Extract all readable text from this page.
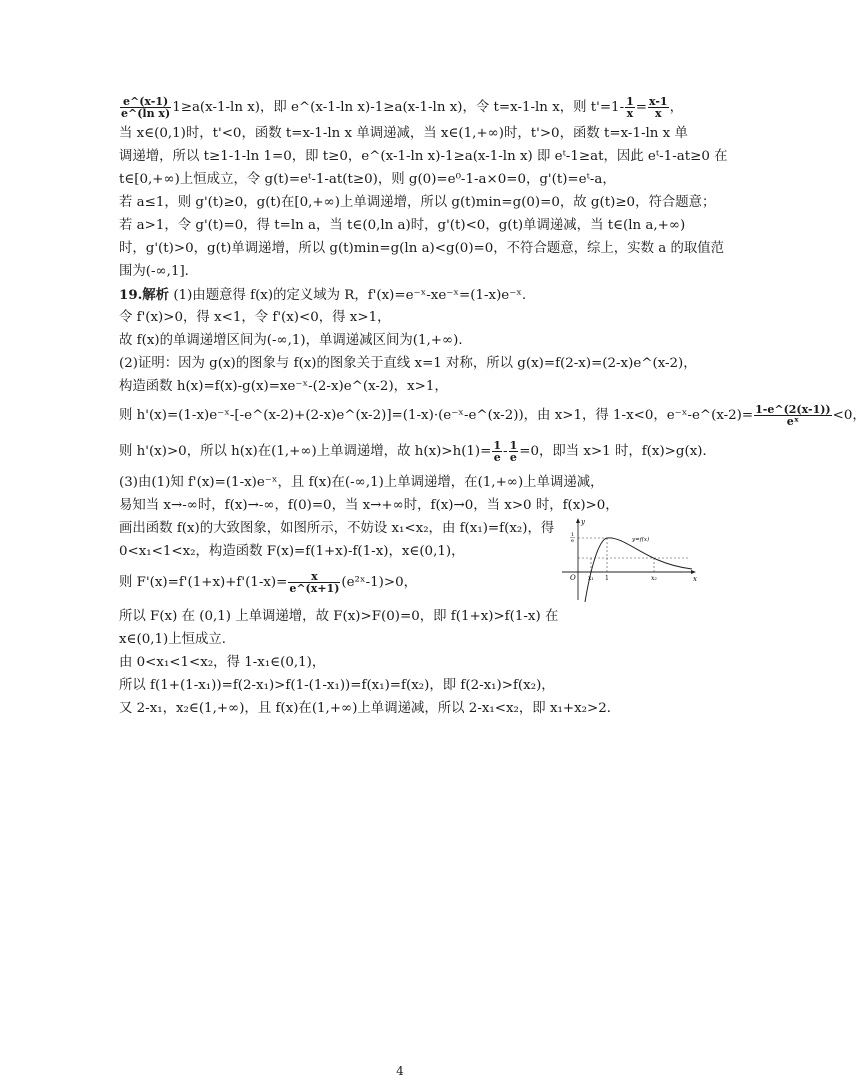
$\frac{e\^{}(x-1)}{\text{e\textasciicircum{}(ln x)}} 1\ge a(x-1-\ln$ x)，即 e^(x-1-ln x)-1≥a(x-1-ln x)，令 t=x-1-ln x，则 $t'=1- \frac{1}{x} = \frac{x-1}{x}$ ，
当 x∈(0,1)时，t'<0，函数 t=x-1-ln x 单调递减，当 x∈(1,+∞)时，t'>0，函数 t=x-1-ln x 单
调递增，所以 t≥1-1-ln 1=0，即 t≥0，e^(x-1-ln x)-1≥a(x-1-ln x) 即 eᵗ-1≥at，因此 eᵗ-1-at≥0 在
t∈[0,+∞)上恒成立，令 g(t)=eᵗ-1-at(t≥0)，则 g(0)=e⁰-1-a×0=0，g'(t)=eᵗ-a，
若 a≤1，则 g'(t)≥0，g(t)在[0,+∞)上单调递增，所以 g(t)min=g(0)=0，故 g(t)≥0，符合题意；
若 a>1，令 g'(t)=0，得 t=ln a，当 t∈(0,ln a)时，g'(t)<0，g(t)单调递减，当 t∈(ln a,+∞)
时，g'(t)>0，g(t)单调递增，所以 g(t)min=g(ln a)<g(0)=0，不符合题意，综上，实数 a 的取值范
围为(-∞,1]．
19.解析 (1)由题意得 f(x)的定义域为 R，f'(x)=e⁻ˣ-xe⁻ˣ=(1-x)e⁻ˣ．
令 f'(x)>0，得 x<1，令 f'(x)<0，得 x>1，
故 f(x)的单调递增区间为(-∞,1)，单调递减区间为(1,+∞)．
(2)证明：因为 g(x)的图象与 f(x)的图象关于直线 x=1 对称，所以 g(x)=f(2-x)=(2-x)e^(x-2)，
构造函数 h(x)=f(x)-g(x)=xe⁻ˣ-(2-x)e^(x-2)，x>1，
则 h'(x)=(1-x)e⁻ˣ-[-e^(x-2)+(2-x)e^(x-2)]=(1-x)·(e⁻ˣ-e^(x-2))，由 x>1，得 1-x<0，e⁻ˣ-e^(x-2)= $\frac{1-e\^{}(2(x-1))}{\text{eˣ}} <0$，
则 h'(x)>0，所以 h(x)在(1,+∞)上单调递增，故 $h(x)>h(1)= \frac{1}{e} - \frac{1}{e} =0$，即当 x>1 时，f(x)>g(x)．
(3)由(1)知 f'(x)=(1-x)e⁻ˣ，且 f(x)在(-∞,1)上单调递增，在(1,+∞)上单调递减，
易知当 x→-∞时，f(x)→-∞，f(0)=0，当 x→+∞时，f(x)→0，当 x>0 时，f(x)>0，
画出函数 f(x)的大致图象，如图所示，不妨设 x₁<x₂，由 f(x₁)=f(x₂)，得
0<x₁<1<x₂，构造函数 F(x)=f(1+x)-f(1-x)，x∈(0,1)，
则 $F'(x)=f'(1+x)+f'(1-x)= \frac{x}{e\^{}(x+1)}$ (e²ˣ-1)>0，
所以 F(x) 在 (0,1) 上单调递增，故 F(x)>F(0)=0，即 f(1+x)>f(1-x) 在
x∈(0,1)上恒成立．
由 0<x₁<1<x₂，得 1-x₁∈(0,1)，
所以 f(1+(1-x₁))=f(2-x₁)>f(1-(1-x₁))=f(x₁)=f(x₂)，即 f(2-x₁)>f(x₂)，
又 2-x₁，x₂∈(1,+∞)，且 f(x)在(1,+∞)上单调递减，所以 2-x₁<x₂，即 x₁+x₂>2．
y
x
O
1
e
x₁ 1	x₂
y=f(x)
4
